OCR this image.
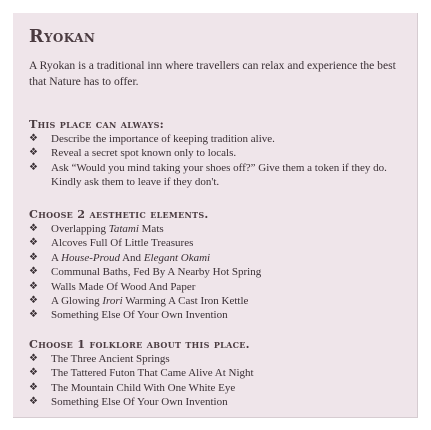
Ryokan

A Ryokan is a traditional inn where travellers can relax and experience the best that Nature has to offer.

This place can always:
❖ Describe the importance of keeping tradition alive.
❖ Reveal a secret spot known only to locals.
❖ Ask “Would you mind taking your shoes off?” Give them a token if they do.
Kindly ask them to leave if they don't.
Choose 2 aesthetic elements.
❖ Overlapping Tatami Mats
❖ Alcoves Full Of Little Treasures
❖ A House-Proud And Elegant Okami
❖ Communal Baths, Fed By A Nearby Hot Spring
❖ Walls Made Of Wood And Paper
❖ A Glowing Irori Warming A Cast Iron Kettle
❖ Something Else Of Your Own Invention
Choose 1 folklore about this place.
❖ The Three Ancient Springs
❖ The Tattered Futon That Came Alive At Night
❖ The Mountain Child With One White Eye
❖ Something Else Of Your Own Invention
